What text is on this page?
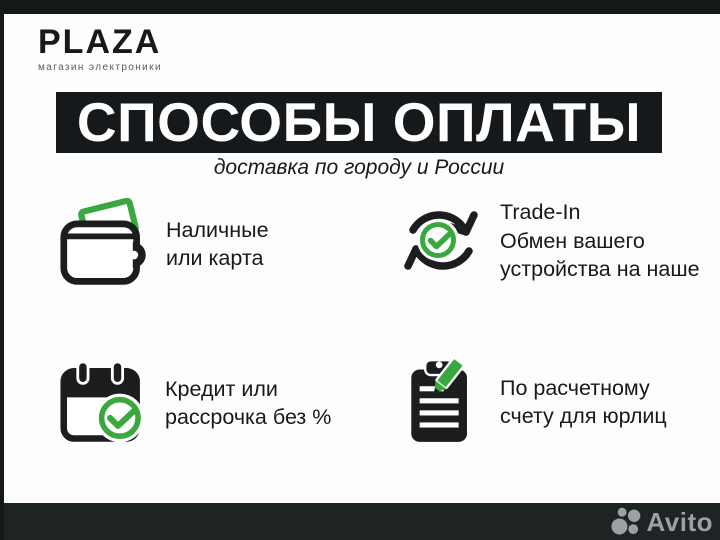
PLAZA
магазин электроники
СПОСОБЫ ОПЛАТЫ
доставка по городу и России
Наличные
или карта
Trade-In
Обмен вашего
устройства на наше
Кредит или
рассрочка без %
По расчетному
счету для юрлиц
Avito
